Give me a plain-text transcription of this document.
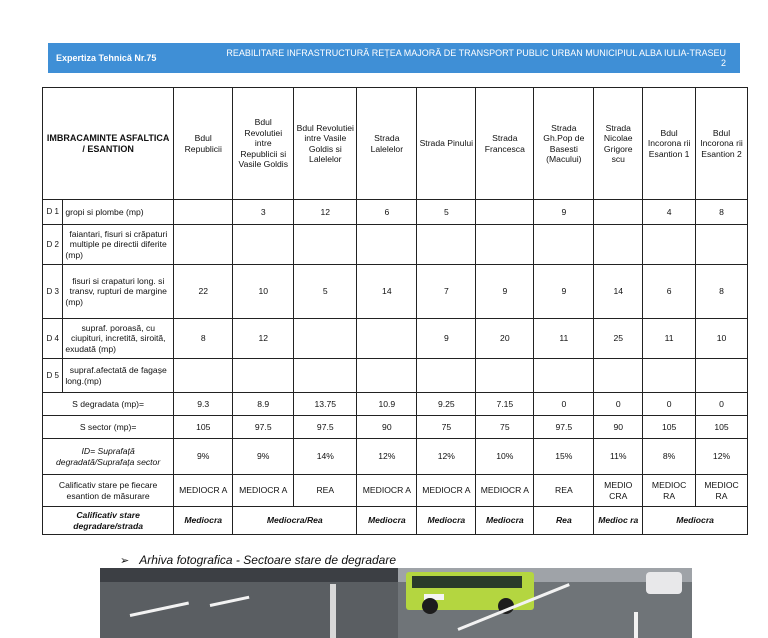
Expertiza Tehnică Nr.75	REABILITARE INFRASTRUCTURĂ REȚEA MAJORĂ DE TRANSPORT PUBLIC URBAN MUNICIPIUL ALBA IULIA-TRASEU 2
IMBRACAMINTE ASFALTICA / ESANTION		Bdul Republicii	Bdul Revolutiei intre Republicii si Vasile Goldis	Bdul Revolutiei intre Vasile Goldis si Lalelelor	Strada Lalelelor	Strada Pinului	Strada Francesca	Strada Gh.Pop de Basesti (Macului)	Strada Nicolae Grigore scu	Bdul Incorona rii Esantion 1	Bdul Incorona rii Esantion 2
D 1	gropi si plombe (mp)		3	12	6	5		9		4	8
D 2	faiantari, fisuri si crăpaturi multiple pe directii diferite (mp)										
D 3	fisuri si crapaturi long. si transv, rupturi de margine (mp)	22	10	5	14	7	9	9	14	6	8
D 4	supraf. poroasă, cu ciupituri, incretită, siroită, exudată (mp)	8	12			9	20	11	25	11	10
D 5	supraf.afectată de fagașe long.(mp)										
S degradata (mp)=		9.3	8.9	13.75	10.9	9.25	7.15	0	0	0	0
S sector (mp)=		105	97.5	97.5	90	75	75	97.5	90	105	105
ID= Suprafață degradată/Suprafața sector		9%	9%	14%	12%	12%	10%	15%	11%	8%	12%
Calificativ stare pe fiecare esantion de măsurare		MEDIOCR A	MEDIOCR A	REA	MEDIOCR A	MEDIOCR A	MEDIOCR A	REA	MEDIO CRA	MEDIOC RA	MEDIOC RA
Calificativ stare degradare/strada		Mediocra	Mediocra/Rea		Mediocra	Mediocra	Mediocra	Rea	Medioc ra	Mediocra	
➢ Arhiva fotografica - Sectoare stare de degradare
